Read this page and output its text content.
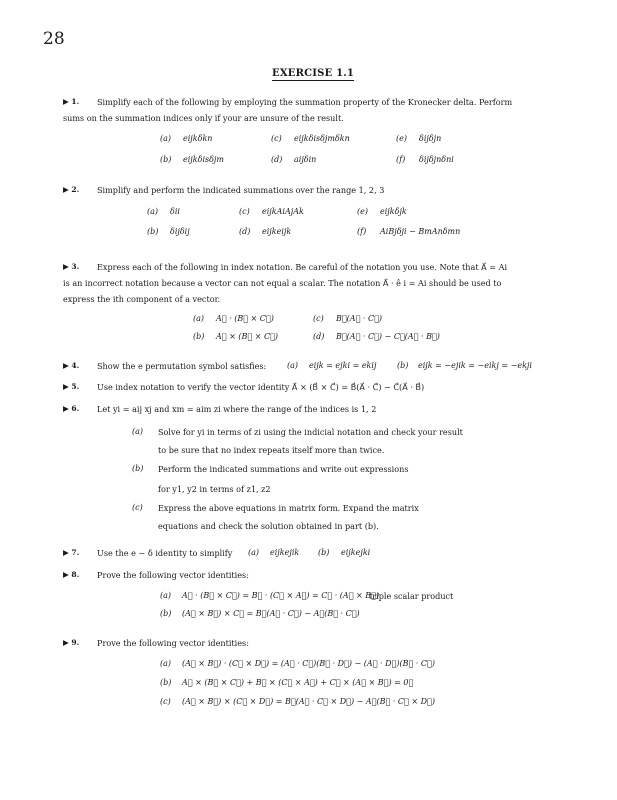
28
EXERCISE 1.1
▶ 1. Simplify each of the following by employing the summation property of the Kronecker delta. Perform
sums on the summation indices only if your are unsure of the result.
(a) eijkδkn	(c) eijkδisδjmδkn	(e) δijδjn
(b) eijkδisδjm	(d) aijδin	(f) δijδjnδni
▶ 2. Simplify and perform the indicated summations over the range 1, 2, 3
(a) δii	(c) eijkAiAjAk	(e) eijkδjk
(b) δijδij	(d) eijkeijk	(f) AiBjδji − BmAnδmn
▶ 3. Express each of the following in index notation. Be careful of the notation you use. Note that A⃗ = Ai
is an incorrect notation because a vector can not equal a scalar. The notation A⃗ · ê i = Ai should be used to
express the ith component of a vector.
(a) A⃗ · (B⃗ × C⃗)	(c) B⃗(A⃗ · C⃗)
(b) A⃗ × (B⃗ × C⃗)	(d) B⃗(A⃗ · C⃗) − C⃗(A⃗ · B⃗)
▶ 4. Show the e permutation symbol satisfies:	(a) eijk = ejki = ekij	(b) eijk = −ejik = −eikj = −ekji
▶ 5. Use index notation to verify the vector identity A⃗ × (B⃗ × C⃗) = B⃗(A⃗ · C⃗) − C⃗(A⃗ · B⃗)
▶ 6. Let yi = aij xj and xm = aim zi where the range of the indices is 1, 2
(a) Solve for yi in terms of zi using the indicial notation and check your result
to be sure that no index repeats itself more than twice.
(b) Perform the indicated summations and write out expressions
for y1, y2 in terms of z1, z2
(c) Express the above equations in matrix form. Expand the matrix
equations and check the solution obtained in part (b).
▶ 7. Use the e − δ identity to simplify (a) eijkejik (b) eijkejki
▶ 8. Prove the following vector identities:
(a) A⃗ · (B⃗ × C⃗) = B⃗ · (C⃗ × A⃗) = C⃗ · (A⃗ × B⃗)
triple scalar product
(b) (A⃗ × B⃗) × C⃗ = B⃗(A⃗ · C⃗) − A⃗(B⃗ · C⃗)
▶ 9. Prove the following vector identities:
(a) (A⃗ × B⃗) · (C⃗ × D⃗) = (A⃗ · C⃗)(B⃗ · D⃗) − (A⃗ · D⃗)(B⃗ · C⃗)
(b) A⃗ × (B⃗ × C⃗) + B⃗ × (C⃗ × A⃗) + C⃗ × (A⃗ × B⃗) = 0⃗
(c) (A⃗ × B⃗) × (C⃗ × D⃗) = B⃗(A⃗ · C⃗ × D⃗) − A⃗(B⃗ · C⃗ × D⃗)
